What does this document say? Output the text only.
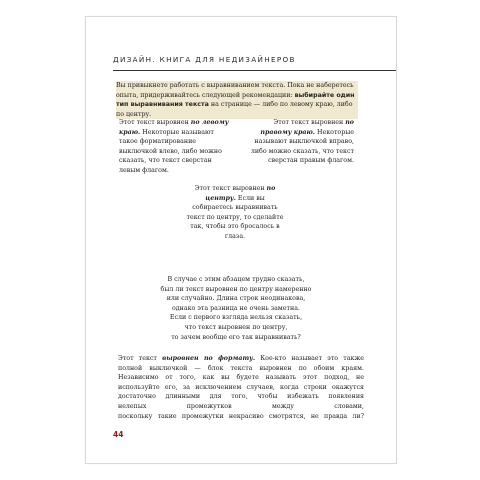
ДИЗАЙН. КНИГА ДЛЯ НЕДИЗАЙНЕРОВ

Вы привыкнете работать с выравниванием текста. Пока не наберетесь опыта, придерживайтесь следующей рекомендации: выбирайте один тип выравнивания текста на странице — либо по левому краю, либо по центру.

Этот текст выровнен по левому краю. Некоторые называют такое форматирование выключкой влево, либо можно сказать, что текст сверстан левым флагом.

Этот текст выровнен по правому краю. Некоторые называют выключкой вправо, либо можно сказать, что текст сверстан правым флагом.

Этот текст выровнен по центру. Если вы собираетесь выравнивать текст по центру, то сделайте так, чтобы это бросалось в глаза.

В случае с этим абзацем трудно сказать,
был ли текст выровнен по центру намеренно
или случайно. Длина строк неодинакова,
однако эта разница не очень заметна.
Если с первого взгляда нельзя сказать,
что текст выровнен по центру,
то зачем вообще его так выравнивать?

Этот текст выровнен по формату. Кое-кто называет это также
полной выключкой — блок текста выровнен по обоим краям.
Независимо от того, как вы будете называть этот подход, не
используйте его, за исключением случаев, когда строки окажутся
достаточно длинными для того, чтобы избежать появления
нелепых промежутков между словами,
поскольку такие промежутки некрасиво смотрятся, не правда ли?

44
